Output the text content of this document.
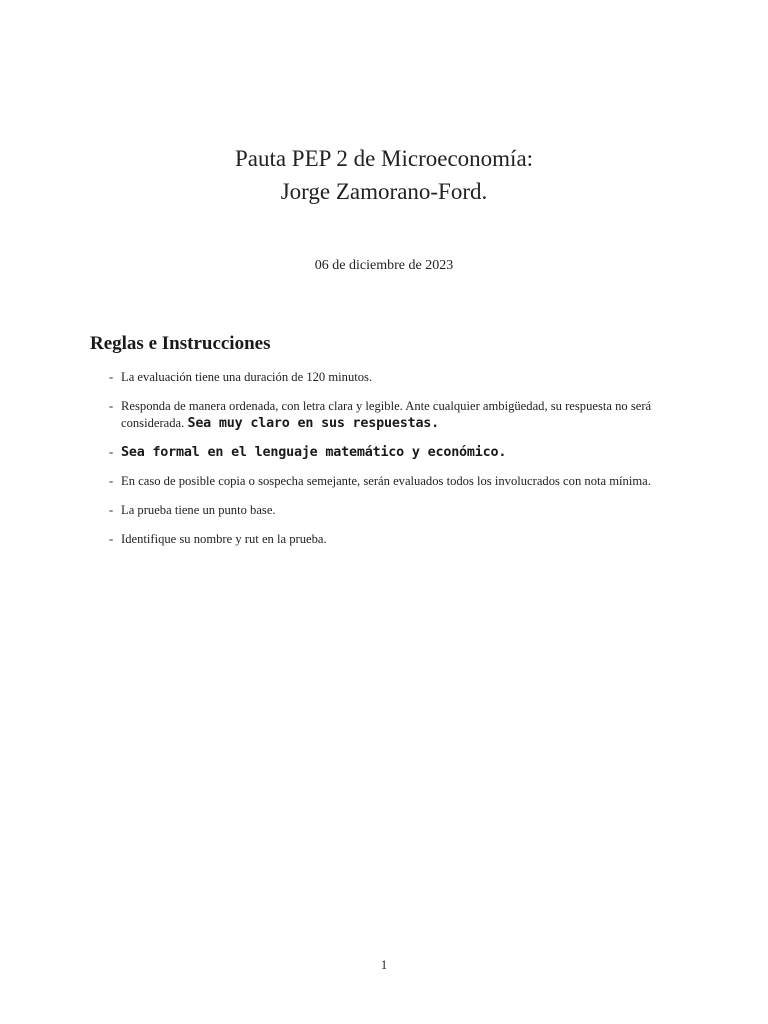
Pauta PEP 2 de Microeconomía:
Jorge Zamorano-Ford.
06 de diciembre de 2023
Reglas e Instrucciones
- La evaluación tiene una duración de 120 minutos.
- Responda de manera ordenada, con letra clara y legible. Ante cualquier ambigüedad, su respuesta no será considerada. Sea muy claro en sus respuestas.
- Sea formal en el lenguaje matemático y económico.
- En caso de posible copia o sospecha semejante, serán evaluados todos los involucrados con nota mínima.
- La prueba tiene un punto base.
- Identifique su nombre y rut en la prueba.
1
